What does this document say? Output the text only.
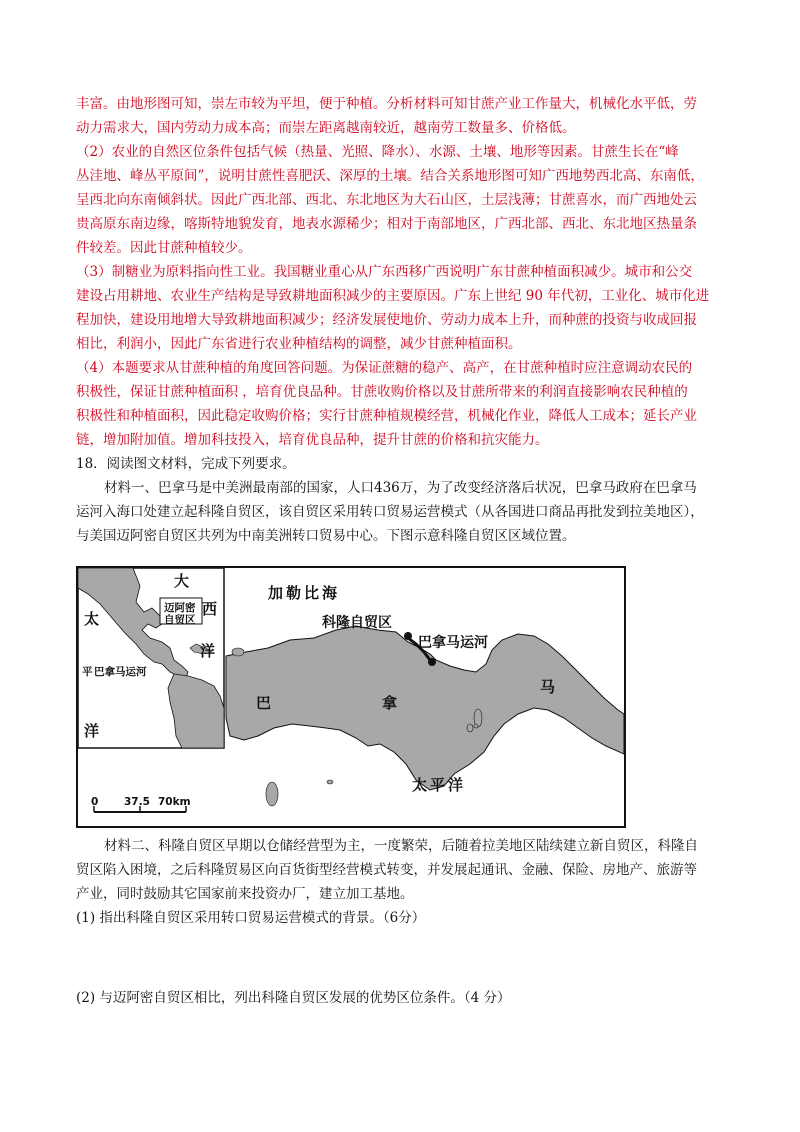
丰富。由地形图可知，崇左市较为平坦，便于种植。分析材料可知甘蔗产业工作量大，机械化水平低，劳
动力需求大，国内劳动力成本高；而崇左距离越南较近，越南劳工数量多、价格低。
（2）农业的自然区位条件包括气候（热量、光照、降水）、水源、土壤、地形等因素。甘蔗生长在“峰
丛洼地、峰丛平原间”，说明甘蔗性喜肥沃、深厚的土壤。结合关系地形图可知广西地势西北高、东南低，
呈西北向东南倾斜状。因此广西北部、西北、东北地区为大石山区，土层浅薄；甘蔗喜水，而广西地处云
贵高原东南边缘，喀斯特地貌发育，地表水源稀少；相对于南部地区，广西北部、西北、东北地区热量条
件较差。因此甘蔗种植较少。
（3）制糖业为原料指向性工业。我国糖业重心从广东西移广西说明广东甘蔗种植面积减少。城市和公交
建设占用耕地、农业生产结构是导致耕地面积减少的主要原因。广东上世纪 90 年代初，工业化、城市化进
程加快，建设用地增大导致耕地面积减少；经济发展使地价、劳动力成本上升，而种蔗的投资与收成回报
相比，利润小，因此广东省进行农业种植结构的调整，减少甘蔗种植面积。
（4）本题要求从甘蔗种植的角度回答问题。为保证蔗糖的稳产、高产，在甘蔗种植时应注意调动农民的
积极性，保证甘蔗种植面积 ，培育优良品种。甘蔗收购价格以及甘蔗所带来的利润直接影响农民种植的
积极性和种植面积，因此稳定收购价格；实行甘蔗种植规模经营，机械化作业，降低人工成本；延长产业
链，增加附加值。增加科技投入，培育优良品种，提升甘蔗的价格和抗灾能力。
18．阅读图文材料，完成下列要求。
材料一、巴拿马是中美洲最南部的国家，人口436万，为了改变经济落后状况，巴拿马政府在巴拿马
运河入海口处建立起科隆自贸区，该自贸区采用转口贸易运营模式（从各国进口商品再批发到拉美地区），
与美国迈阿密自贸区共列为中南美洲转口贸易中心。下图示意科隆自贸区区域位置。
大
西
太
洋
洋
迈阿密
自贸区
平 巴拿马运河
加勒比海
科隆自贸区
巴拿马运河
巴	拿
马
太平洋
0 37.5 70km
材料二、科隆自贸区早期以仓储经营型为主，一度繁荣，后随着拉美地区陆续建立新自贸区，科隆自
贸区陷入困境，之后科隆贸易区向百货街型经营模式转变，并发展起通讯、金融、保险、房地产、旅游等
产业，同时鼓励其它国家前来投资办厂，建立加工基地。
(1) 指出科隆自贸区采用转口贸易运营模式的背景。（6分）
(2) 与迈阿密自贸区相比，列出科隆自贸区发展的优势区位条件。（4 分）
